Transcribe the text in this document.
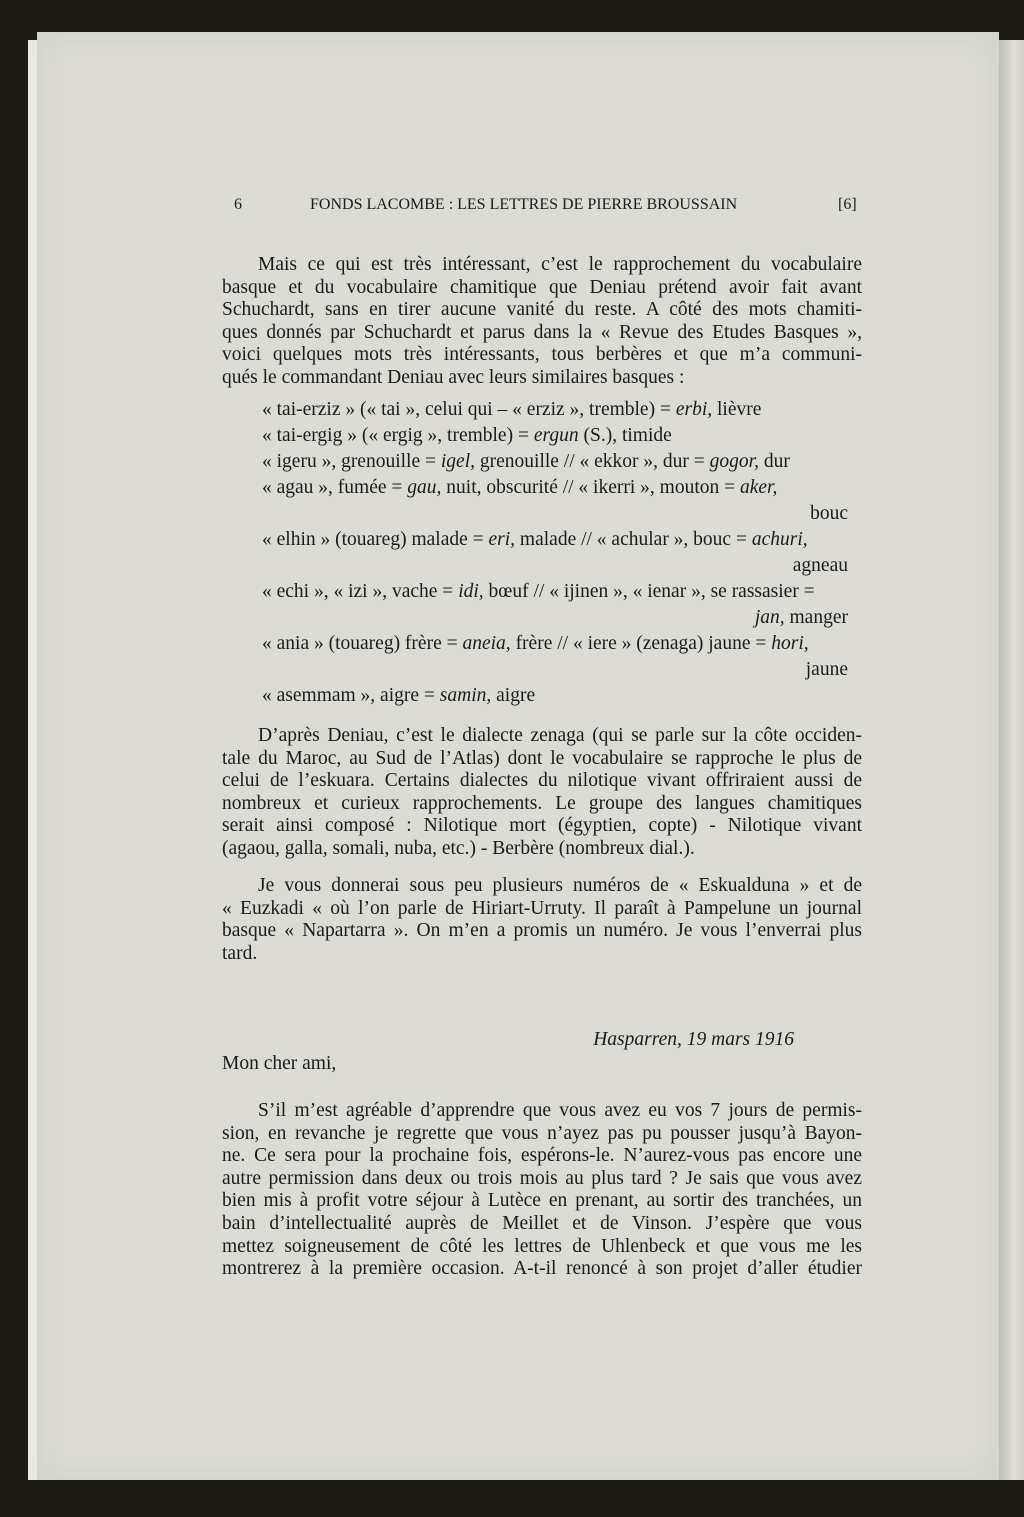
6	FONDS LACOMBE : LES LETTRES DE PIERRE BROUSSAIN	[6]
Mais ce qui est très intéressant, c’est le rapprochement du vocabulaire
basque et du vocabulaire chamitique que Deniau prétend avoir fait avant
Schuchardt, sans en tirer aucune vanité du reste. A côté des mots chamiti-
ques donnés par Schuchardt et parus dans la « Revue des Etudes Basques »,
voici quelques mots très intéressants, tous berbères et que m’a communi-
qués le commandant Deniau avec leurs similaires basques :
« tai-erziz » (« tai », celui qui – « erziz », tremble) = erbi, lièvre
« tai-ergig » (« ergig », tremble) = ergun (S.), timide
« igeru », grenouille = igel, grenouille // « ekkor », dur = gogor, dur
« agau », fumée = gau, nuit, obscurité // « ikerri », mouton = aker,
bouc
« elhin » (touareg) malade = eri, malade // « achular », bouc = achuri,
agneau
« echi », « izi », vache = idi, bœuf // « ijinen », « ienar », se rassasier =
jan, manger
« ania » (touareg) frère = aneia, frère // « iere » (zenaga) jaune = hori,
jaune
« asemmam », aigre = samin, aigre
D’après Deniau, c’est le dialecte zenaga (qui se parle sur la côte occiden-
tale du Maroc, au Sud de l’Atlas) dont le vocabulaire se rapproche le plus de
celui de l’eskuara. Certains dialectes du nilotique vivant offriraient aussi de
nombreux et curieux rapprochements. Le groupe des langues chamitiques
serait ainsi composé : Nilotique mort (égyptien, copte) - Nilotique vivant
(agaou, galla, somali, nuba, etc.) - Berbère (nombreux dial.).
Je vous donnerai sous peu plusieurs numéros de « Eskualduna » et de
« Euzkadi « où l’on parle de Hiriart-Urruty. Il paraît à Pampelune un journal
basque « Napartarra ». On m’en a promis un numéro. Je vous l’enverrai plus
tard.
Hasparren, 19 mars 1916
Mon cher ami,
S’il m’est agréable d’apprendre que vous avez eu vos 7 jours de permis-
sion, en revanche je regrette que vous n’ayez pas pu pousser jusqu’à Bayon-
ne. Ce sera pour la prochaine fois, espérons-le. N’aurez-vous pas encore une
autre permission dans deux ou trois mois au plus tard ? Je sais que vous avez
bien mis à profit votre séjour à Lutèce en prenant, au sortir des tranchées, un
bain d’intellectualité auprès de Meillet et de Vinson. J’espère que vous
mettez soigneusement de côté les lettres de Uhlenbeck et que vous me les
montrerez à la première occasion. A-t-il renoncé à son projet d’aller étudier
